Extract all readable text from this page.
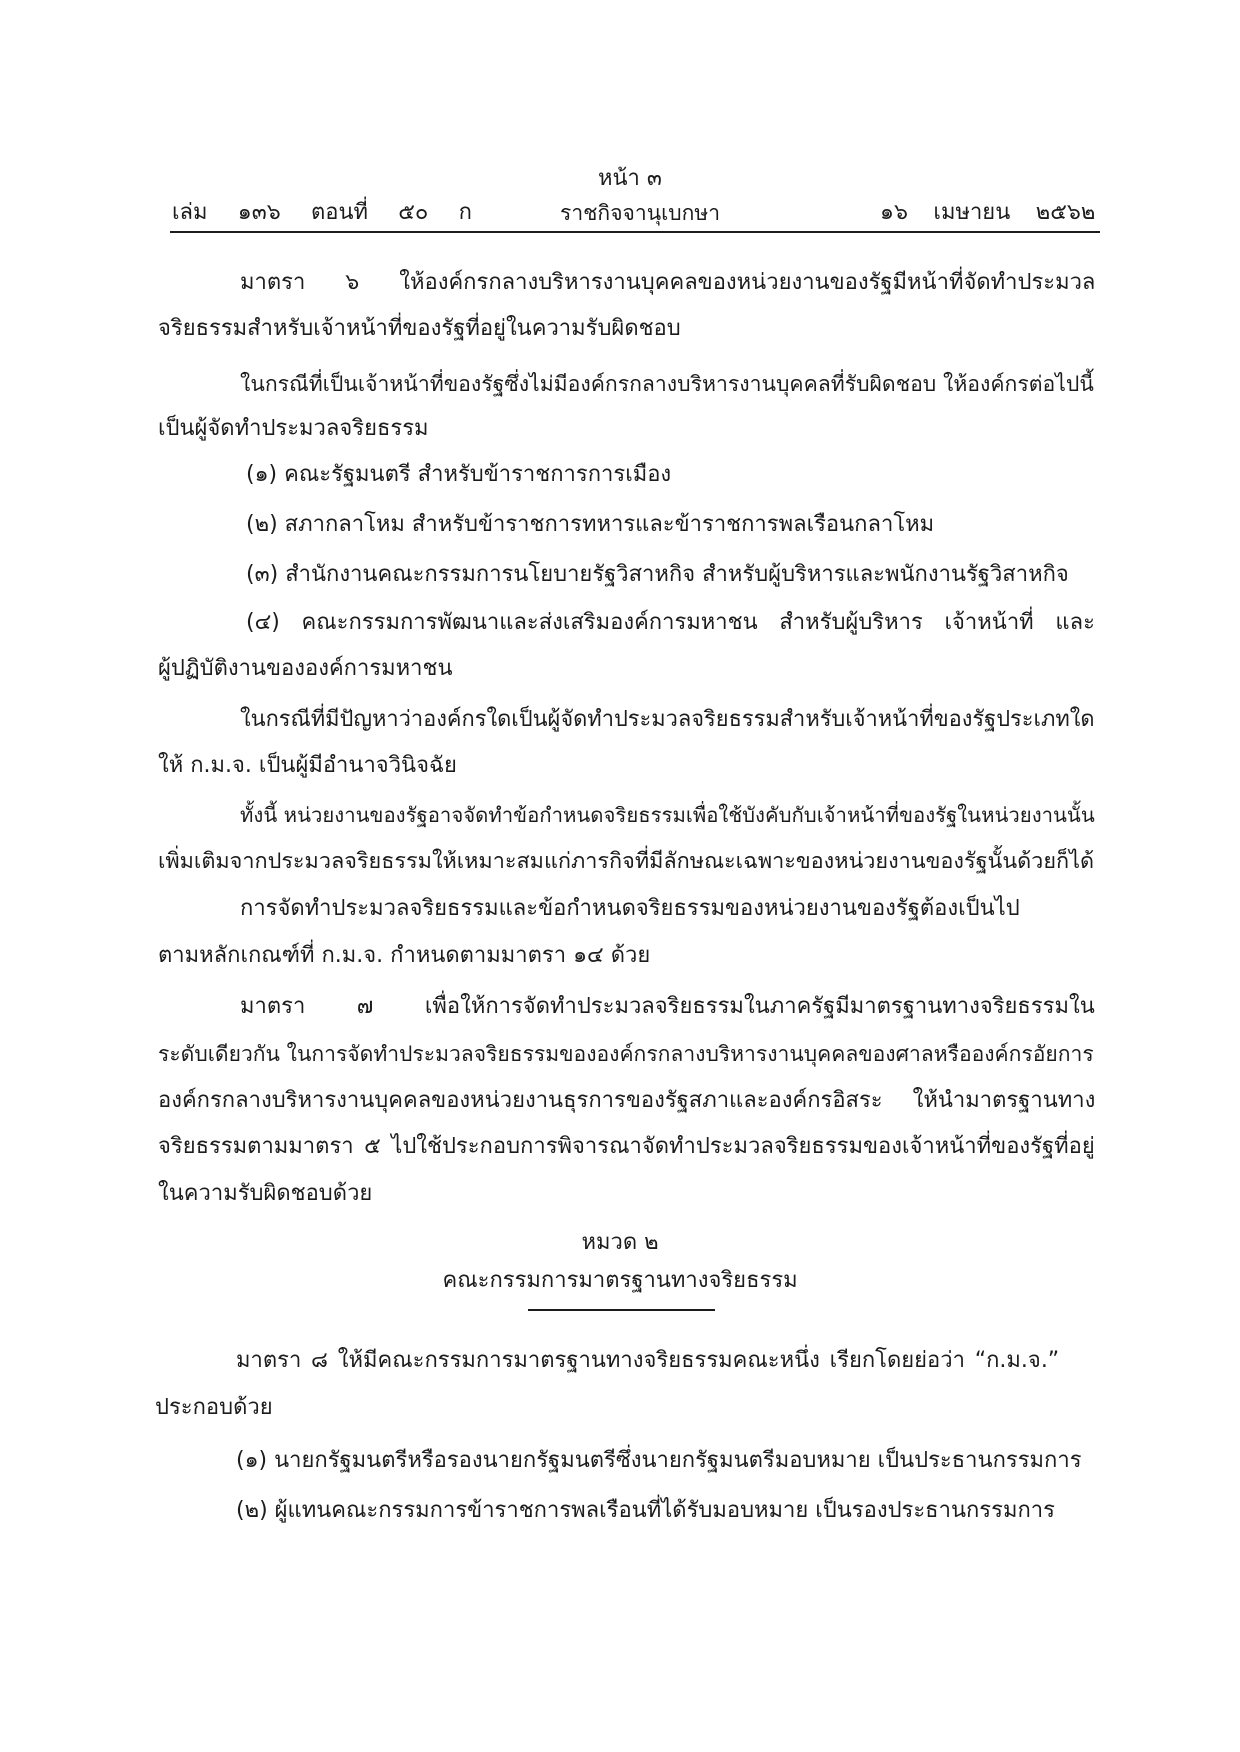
หน้า ๓
เล่ม ๑๓๖ ตอนที่ ๕๐ ก	ราชกิจจานุเบกษา	๑๖ เมษายน ๒๕๖๒
มาตรา ๖ ให้องค์กรกลางบริหารงานบุคคลของหน่วยงานของรัฐมีหน้าที่จัดทำประมวล
จริยธรรมสำหรับเจ้าหน้าที่ของรัฐที่อยู่ในความรับผิดชอบ
ในกรณีที่เป็นเจ้าหน้าที่ของรัฐซึ่งไม่มีองค์กรกลางบริหารงานบุคคลที่รับผิดชอบ ให้องค์กรต่อไปนี้
เป็นผู้จัดทำประมวลจริยธรรม
(๑) คณะรัฐมนตรี สำหรับข้าราชการการเมือง
(๒) สภากลาโหม สำหรับข้าราชการทหารและข้าราชการพลเรือนกลาโหม
(๓) สำนักงานคณะกรรมการนโยบายรัฐวิสาหกิจ สำหรับผู้บริหารและพนักงานรัฐวิสาหกิจ
(๔) คณะกรรมการพัฒนาและส่งเสริมองค์การมหาชน สำหรับผู้บริหาร เจ้าหน้าที่ และ
ผู้ปฏิบัติงานขององค์การมหาชน
ในกรณีที่มีปัญหาว่าองค์กรใดเป็นผู้จัดทำประมวลจริยธรรมสำหรับเจ้าหน้าที่ของรัฐประเภทใด
ให้ ก.ม.จ. เป็นผู้มีอำนาจวินิจฉัย
ทั้งนี้ หน่วยงานของรัฐอาจจัดทำข้อกำหนดจริยธรรมเพื่อใช้บังคับกับเจ้าหน้าที่ของรัฐในหน่วยงานนั้น
เพิ่มเติมจากประมวลจริยธรรมให้เหมาะสมแก่ภารกิจที่มีลักษณะเฉพาะของหน่วยงานของรัฐนั้นด้วยก็ได้
การจัดทำประมวลจริยธรรมและข้อกำหนดจริยธรรมของหน่วยงานของรัฐต้องเป็นไป
ตามหลักเกณฑ์ที่ ก.ม.จ. กำหนดตามมาตรา ๑๔ ด้วย
มาตรา ๗ เพื่อให้การจัดทำประมวลจริยธรรมในภาครัฐมีมาตรฐานทางจริยธรรมใน
ระดับเดียวกัน ในการจัดทำประมวลจริยธรรมขององค์กรกลางบริหารงานบุคคลของศาลหรือองค์กรอัยการ
องค์กรกลางบริหารงานบุคคลของหน่วยงานธุรการของรัฐสภาและองค์กรอิสระ ให้นำมาตรฐานทาง
จริยธรรมตามมาตรา ๕ ไปใช้ประกอบการพิจารณาจัดทำประมวลจริยธรรมของเจ้าหน้าที่ของรัฐที่อยู่
ในความรับผิดชอบด้วย
หมวด ๒
คณะกรรมการมาตรฐานทางจริยธรรม
มาตรา ๘ ให้มีคณะกรรมการมาตรฐานทางจริยธรรมคณะหนึ่ง เรียกโดยย่อว่า “ก.ม.จ.”
ประกอบด้วย
(๑) นายกรัฐมนตรีหรือรองนายกรัฐมนตรีซึ่งนายกรัฐมนตรีมอบหมาย เป็นประธานกรรมการ
(๒) ผู้แทนคณะกรรมการข้าราชการพลเรือนที่ได้รับมอบหมาย เป็นรองประธานกรรมการ
